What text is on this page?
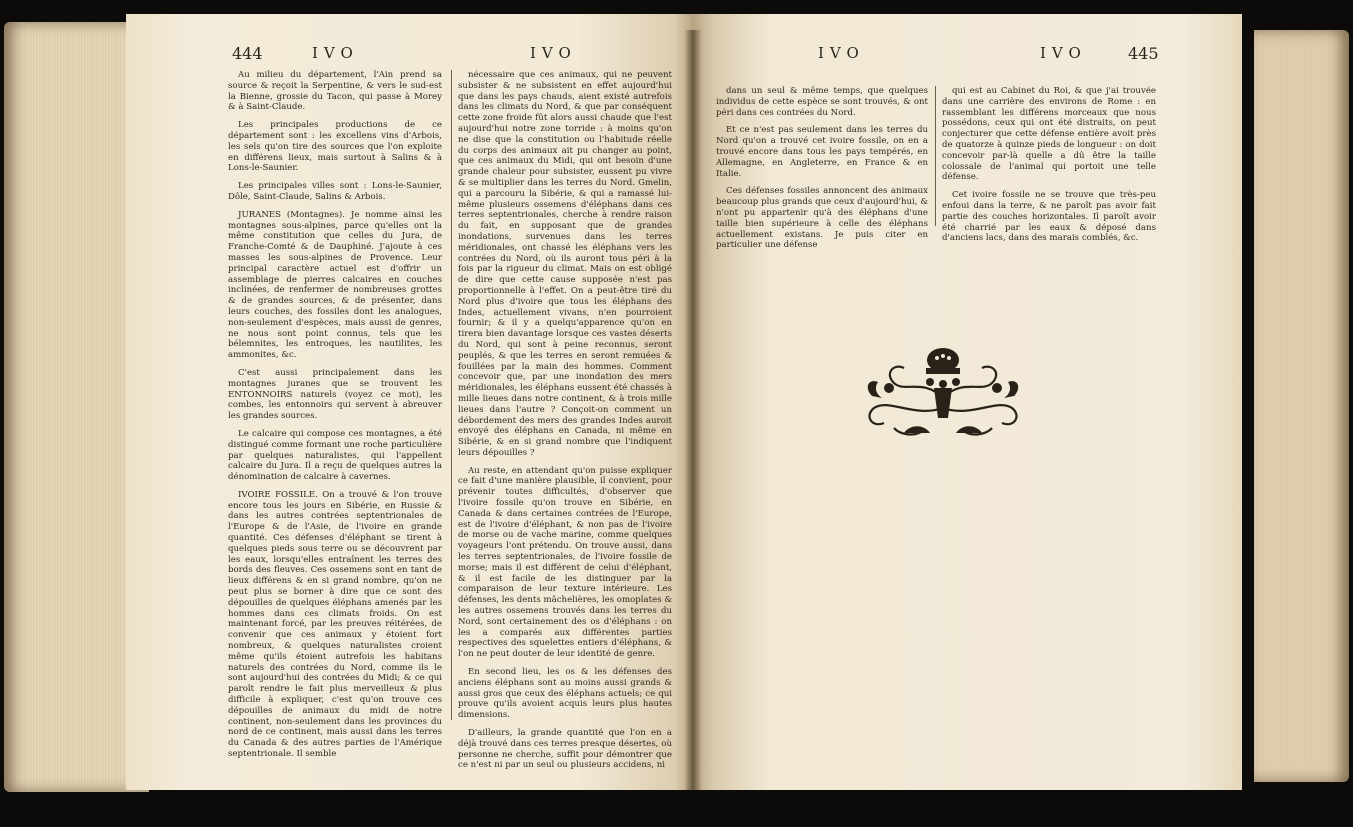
444	IVO	IVO

Au milieu du département, l'Ain prend sa source & reçoit la Serpentine, & vers le sud-est la Bienne, grossie du Tacon, qui passe à Morey & à Saint-Claude.

Les principales productions de ce département sont : les excellens vins d'Arbois, les sels qu'on tire des sources que l'on exploite en différens lieux, mais surtout à Salins & à Lons-le-Saunier.

Les principales villes sont : Lons-le-Saunier, Dôle, Saint-Claude, Salins & Arbois.

JURANES (Montagnes). Je nomme ainsi les montagnes sous-alpines, parce qu'elles ont la même constitution que celles du Jura, de Franche-Comté & de Dauphiné. J'ajoute à ces masses les sous-alpines de Provence. Leur principal caractère actuel est d'offrir un assemblage de pierres calcaires en couches inclinées, de renfermer de nombreuses grottes & de grandes sources, & de présenter, dans leurs couches, des fossiles dont les analogues, non-seulement d'espèces, mais aussi de genres, ne nous sont point connus, tels que les bélemnites, les entroques, les nautilites, les ammonites, &c.

C'est aussi principalement dans les montagnes juranes que se trouvent les ENTONNOIRS naturels (voyez ce mot), les combes, les entonnoirs qui servent à abreuver les grandes sources.

Le calcaire qui compose ces montagnes, a été distingué comme formant une roche particulière par quelques naturalistes, qui l'appellent calcaire du Jura. Il a reçu de quelques autres la dénomination de calcaire à cavernes.

IVOIRE FOSSILE. On a trouvé & l'on trouve encore tous les jours en Sibérie, en Russie & dans les autres contrées septentrionales de l'Europe & de l'Asie, de l'ivoire en grande quantité. Ces défenses d'éléphant se tirent à quelques pieds sous terre ou se découvrent par les eaux, lorsqu'elles entraînent les terres des bords des fleuves. Ces ossemens sont en tant de lieux différens & en si grand nombre, qu'on ne peut plus se borner à dire que ce sont des dépouilles de quelques éléphans amenés par les hommes dans ces climats froids. On est maintenant forcé, par les preuves réitérées, de convenir que ces animaux y étoient fort nombreux, & quelques naturalistes croient même qu'ils étoient autrefois les habitans naturels des contrées du Nord, comme ils le sont aujourd'hui des contrées du Midi; & ce qui paroît rendre le fait plus merveilleux & plus difficile à expliquer, c'est qu'on trouve ces dépouilles de animaux du midi de notre continent, non-seulement dans les provinces du nord de ce continent, mais aussi dans les terres du Canada & des autres parties de l'Amérique septentrionale. Il semble

nécessaire que ces animaux, qui ne peuvent subsister & ne subsistent en effet aujourd'hui que dans les pays chauds, aient existé autrefois dans les climats du Nord, & que par conséquent cette zone froide fût alors aussi chaude que l'est aujourd'hui notre zone torride : à moins qu'on ne dise que la constitution ou l'habitude réelle du corps des animaux ait pu changer au point, que ces animaux du Midi, qui ont besoin d'une grande chaleur pour subsister, eussent pu vivre & se multiplier dans les terres du Nord. Gmelin, qui a parcouru la Sibérie, & qui a ramassé lui-même plusieurs ossemens d'éléphans dans ces terres septentrionales, cherche à rendre raison du fait, en supposant que de grandes inondations, survenues dans les terres méridionales, ont chassé les éléphans vers les contrées du Nord, où ils auront tous péri à la fois par la rigueur du climat. Mais on est obligé de dire que cette cause supposée n'est pas proportionnelle à l'effet. On a peut-être tiré du Nord plus d'ivoire que tous les éléphans des Indes, actuellement vivans, n'en pourroient fournir; & il y a quelqu'apparence qu'on en tirera bien davantage lorsque ces vastes déserts du Nord, qui sont à peine reconnus, seront peuplés, & que les terres en seront remuées & fouillées par la main des hommes. Comment concevoir que, par une inondation des mers méridionales, les éléphans eussent été chassés à mille lieues dans notre continent, & à trois mille lieues dans l'autre ? Conçoit-on comment un débordement des mers des grandes Indes auroit envoyé des éléphans en Canada, ni même en Sibérie, & en si grand nombre que l'indiquent leurs dépouilles ?

Au reste, en attendant qu'on puisse expliquer ce fait d'une manière plausible, il convient, pour prévenir toutes difficultés, d'observer que l'ivoire fossile qu'on trouve en Sibérie, en Canada & dans certaines contrées de l'Europe, est de l'ivoire d'éléphant, & non pas de l'ivoire de morse ou de vache marine, comme quelques voyageurs l'ont prétendu. On trouve aussi, dans les terres septentrionales, de l'ivoire fossile de morse; mais il est différent de celui d'éléphant, & il est facile de les distinguer par la comparaison de leur texture intérieure. Les défenses, les dents mâchelières, les omoplates & les autres ossemens trouvés dans les terres du Nord, sont certainement des os d'éléphans : on les a comparés aux différentes parties respectives des squelettes entiers d'éléphans, & l'on ne peut douter de leur identité de genre.

En second lieu, les os & les défenses des anciens éléphans sont au moins aussi grands & aussi gros que ceux des éléphans actuels; ce qui prouve qu'ils avoient acquis leurs plus hautes dimensions.

D'ailleurs, la grande quantité que l'on en a déjà trouvé dans ces terres presque désertes, où personne ne cherche, suffit pour démontrer que ce n'est ni par un seul ou plusieurs accidens, ni

IVO	IVO	445

dans un seul & même temps, que quelques individus de cette espèce se sont trouvés, & ont péri dans ces contrées du Nord.

Et ce n'est pas seulement dans les terres du Nord qu'on a trouvé cet ivoire fossile, on en a trouvé encore dans tous les pays tempérés, en Allemagne, en Angleterre, en France & en Italie.

Ces défenses fossiles annoncent des animaux beaucoup plus grands que ceux d'aujourd'hui, & n'ont pu appartenir qu'à des éléphans d'une taille bien supérieure à celle des éléphans actuellement existans. Je puis citer en particulier une défense

qui est au Cabinet du Roi, & que j'ai trouvée dans une carrière des environs de Rome : en rassemblant les différens morceaux que nous possédons, ceux qui ont été distraits, on peut conjecturer que cette défense entière avoit près de quatorze à quinze pieds de longueur : on doit concevoir par-là quelle a dû être la taille colossale de l'animal qui portoit une telle défense.

Cet ivoire fossile ne se trouve que très-peu enfoui dans la terre, & ne paroît pas avoir fait partie des couches horizontales. Il paroît avoir été charrié par les eaux & déposé dans d'anciens lacs, dans des marais comblés, &c.
